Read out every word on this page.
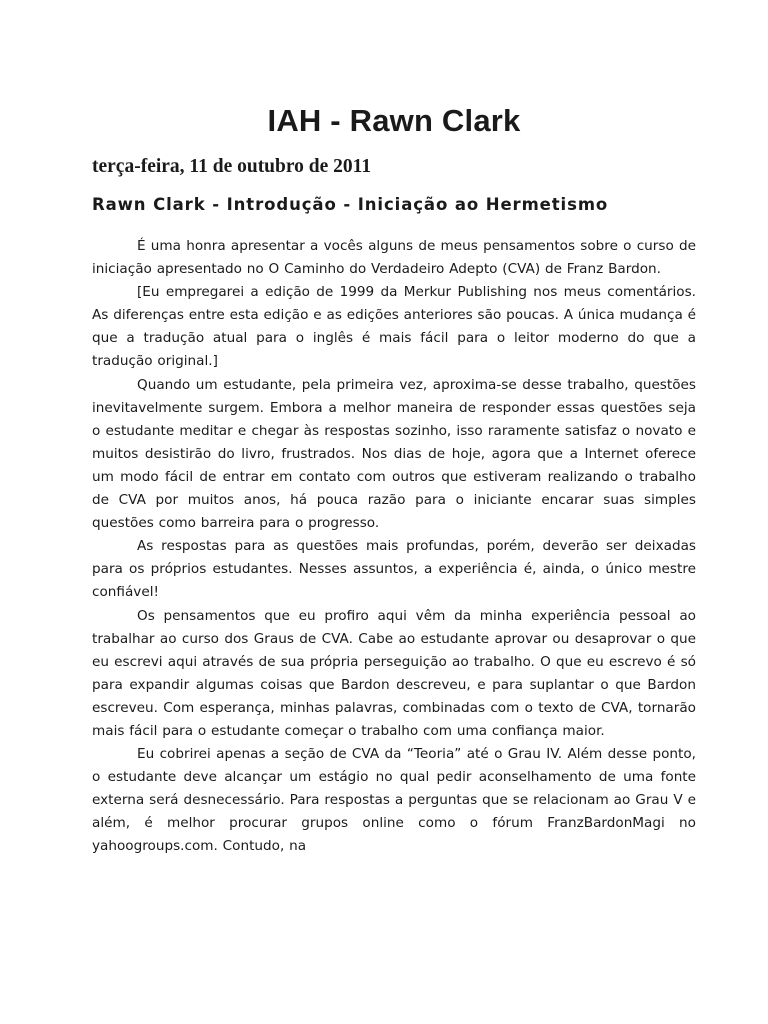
IAH - Rawn Clark
terça-feira, 11 de outubro de 2011
Rawn Clark - Introdução - Iniciação ao Hermetismo

É uma honra apresentar a vocês alguns de meus pensamentos sobre o curso de iniciação apresentado no O Caminho do Verdadeiro Adepto (CVA) de Franz Bardon.

[Eu empregarei a edição de 1999 da Merkur Publishing nos meus comentários. As diferenças entre esta edição e as edições anteriores são poucas. A única mudança é que a tradução atual para o inglês é mais fácil para o leitor moderno do que a tradução original.]

Quando um estudante, pela primeira vez, aproxima-se desse trabalho, questões inevitavelmente surgem. Embora a melhor maneira de responder essas questões seja o estudante meditar e chegar às respostas sozinho, isso raramente satisfaz o novato e muitos desistirão do livro, frustrados. Nos dias de hoje, agora que a Internet oferece um modo fácil de entrar em contato com outros que estiveram realizando o trabalho de CVA por muitos anos, há pouca razão para o iniciante encarar suas simples questões como barreira para o progresso.

As respostas para as questões mais profundas, porém, deverão ser deixadas para os próprios estudantes. Nesses assuntos, a experiência é, ainda, o único mestre confiável!

Os pensamentos que eu profiro aqui vêm da minha experiência pessoal ao trabalhar ao curso dos Graus de CVA. Cabe ao estudante aprovar ou desaprovar o que eu escrevi aqui através de sua própria perseguição ao trabalho. O que eu escrevo é só para expandir algumas coisas que Bardon descreveu, e para suplantar o que Bardon escreveu. Com esperança, minhas palavras, combinadas com o texto de CVA, tornarão mais fácil para o estudante começar o trabalho com uma confiança maior.

Eu cobrirei apenas a seção de CVA da “Teoria” até o Grau IV. Além desse ponto, o estudante deve alcançar um estágio no qual pedir aconselhamento de uma fonte externa será desnecessário. Para respostas a perguntas que se relacionam ao Grau V e além, é melhor procurar grupos online como o fórum FranzBardonMagi no yahoogroups.com. Contudo, na
